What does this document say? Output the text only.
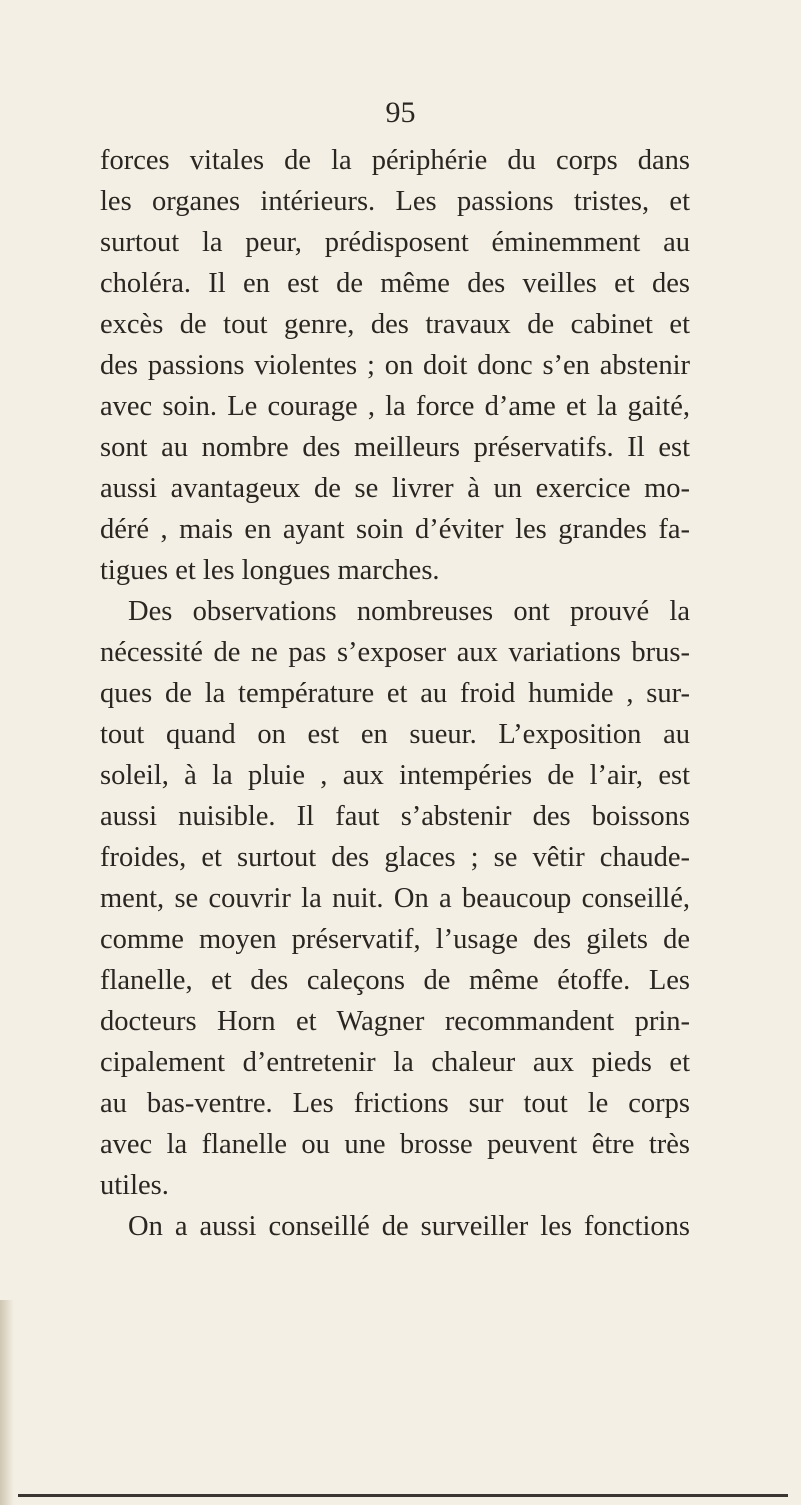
95
forces vitales de la périphérie du corps dans
les organes intérieurs. Les passions tristes, et
surtout la peur, prédisposent éminemment au
choléra. Il en est de même des veilles et des
excès de tout genre, des travaux de cabinet et
des passions violentes ; on doit donc s’en abstenir
avec soin. Le courage , la force d’ame et la gaité,
sont au nombre des meilleurs préservatifs. Il est
aussi avantageux de se livrer à un exercice mo-
déré , mais en ayant soin d’éviter les grandes fa-
tigues et les longues marches.
Des observations nombreuses ont prouvé la
nécessité de ne pas s’exposer aux variations brus-
ques de la température et au froid humide , sur-
tout quand on est en sueur. L’exposition au
soleil, à la pluie , aux intempéries de l’air, est
aussi nuisible. Il faut s’abstenir des boissons
froides, et surtout des glaces ; se vêtir chaude-
ment, se couvrir la nuit. On a beaucoup conseillé,
comme moyen préservatif, l’usage des gilets de
flanelle, et des caleçons de même étoffe. Les
docteurs Horn et Wagner recommandent prin-
cipalement d’entretenir la chaleur aux pieds et
au bas-ventre. Les frictions sur tout le corps
avec la flanelle ou une brosse peuvent être très
utiles.
On a aussi conseillé de surveiller les fonctions
